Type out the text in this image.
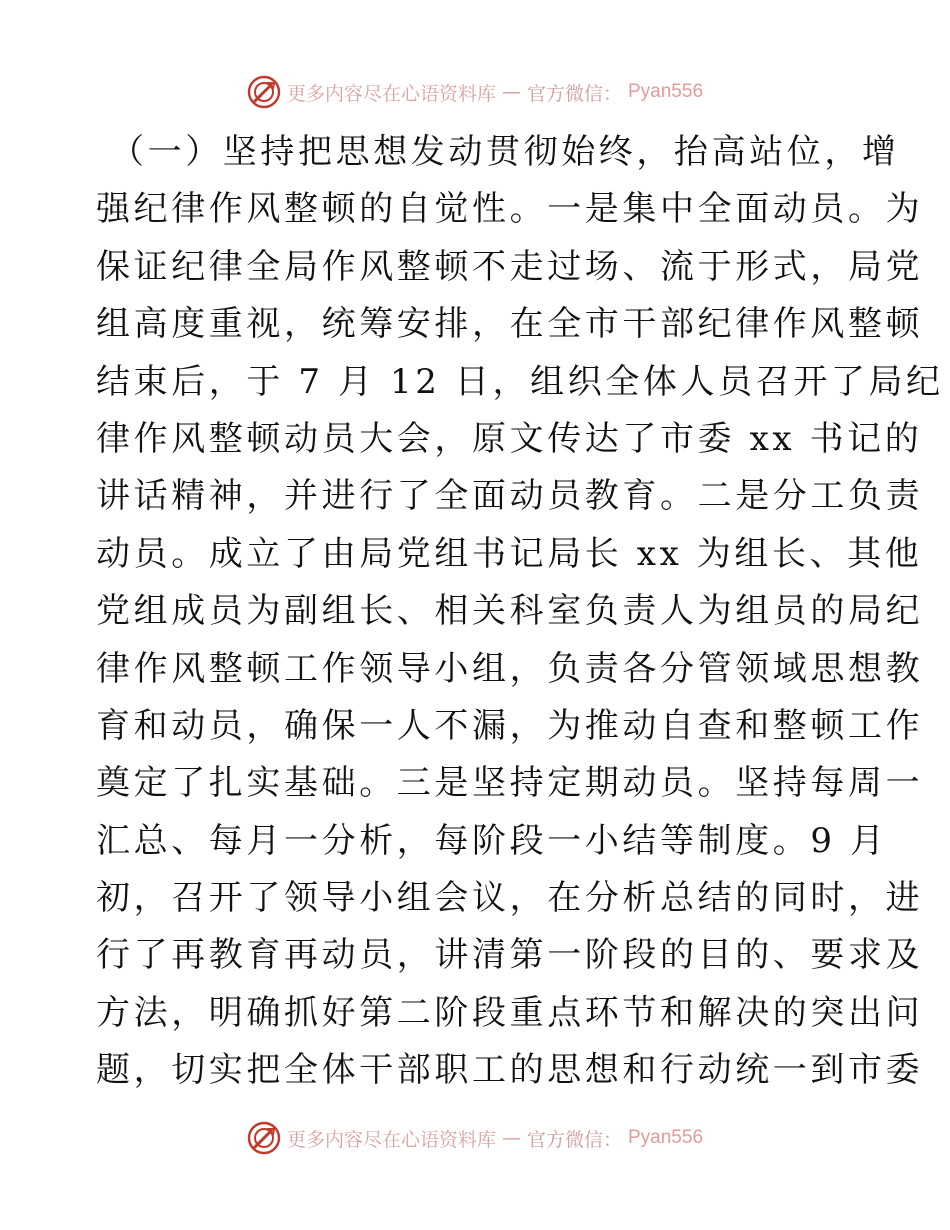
更多内容尽在心语资料库 — 官方微信： Pyan556
（一）坚持把思想发动贯彻始终，抬高站位，增
强纪律作风整顿的自觉性。一是集中全面动员。为
保证纪律全局作风整顿不走过场、流于形式，局党
组高度重视，统筹安排，在全市干部纪律作风整顿
结束后，于 7 月 12 日，组织全体人员召开了局纪
律作风整顿动员大会，原文传达了市委 xx 书记的
讲话精神，并进行了全面动员教育。二是分工负责
动员。成立了由局党组书记局长 xx 为组长、其他
党组成员为副组长、相关科室负责人为组员的局纪
律作风整顿工作领导小组，负责各分管领域思想教
育和动员，确保一人不漏，为推动自查和整顿工作
奠定了扎实基础。三是坚持定期动员。坚持每周一
汇总、每月一分析，每阶段一小结等制度。9 月
初，召开了领导小组会议，在分析总结的同时，进
行了再教育再动员，讲清第一阶段的目的、要求及
方法，明确抓好第二阶段重点环节和解决的突出问
题，切实把全体干部职工的思想和行动统一到市委
更多内容尽在心语资料库 — 官方微信： Pyan556
